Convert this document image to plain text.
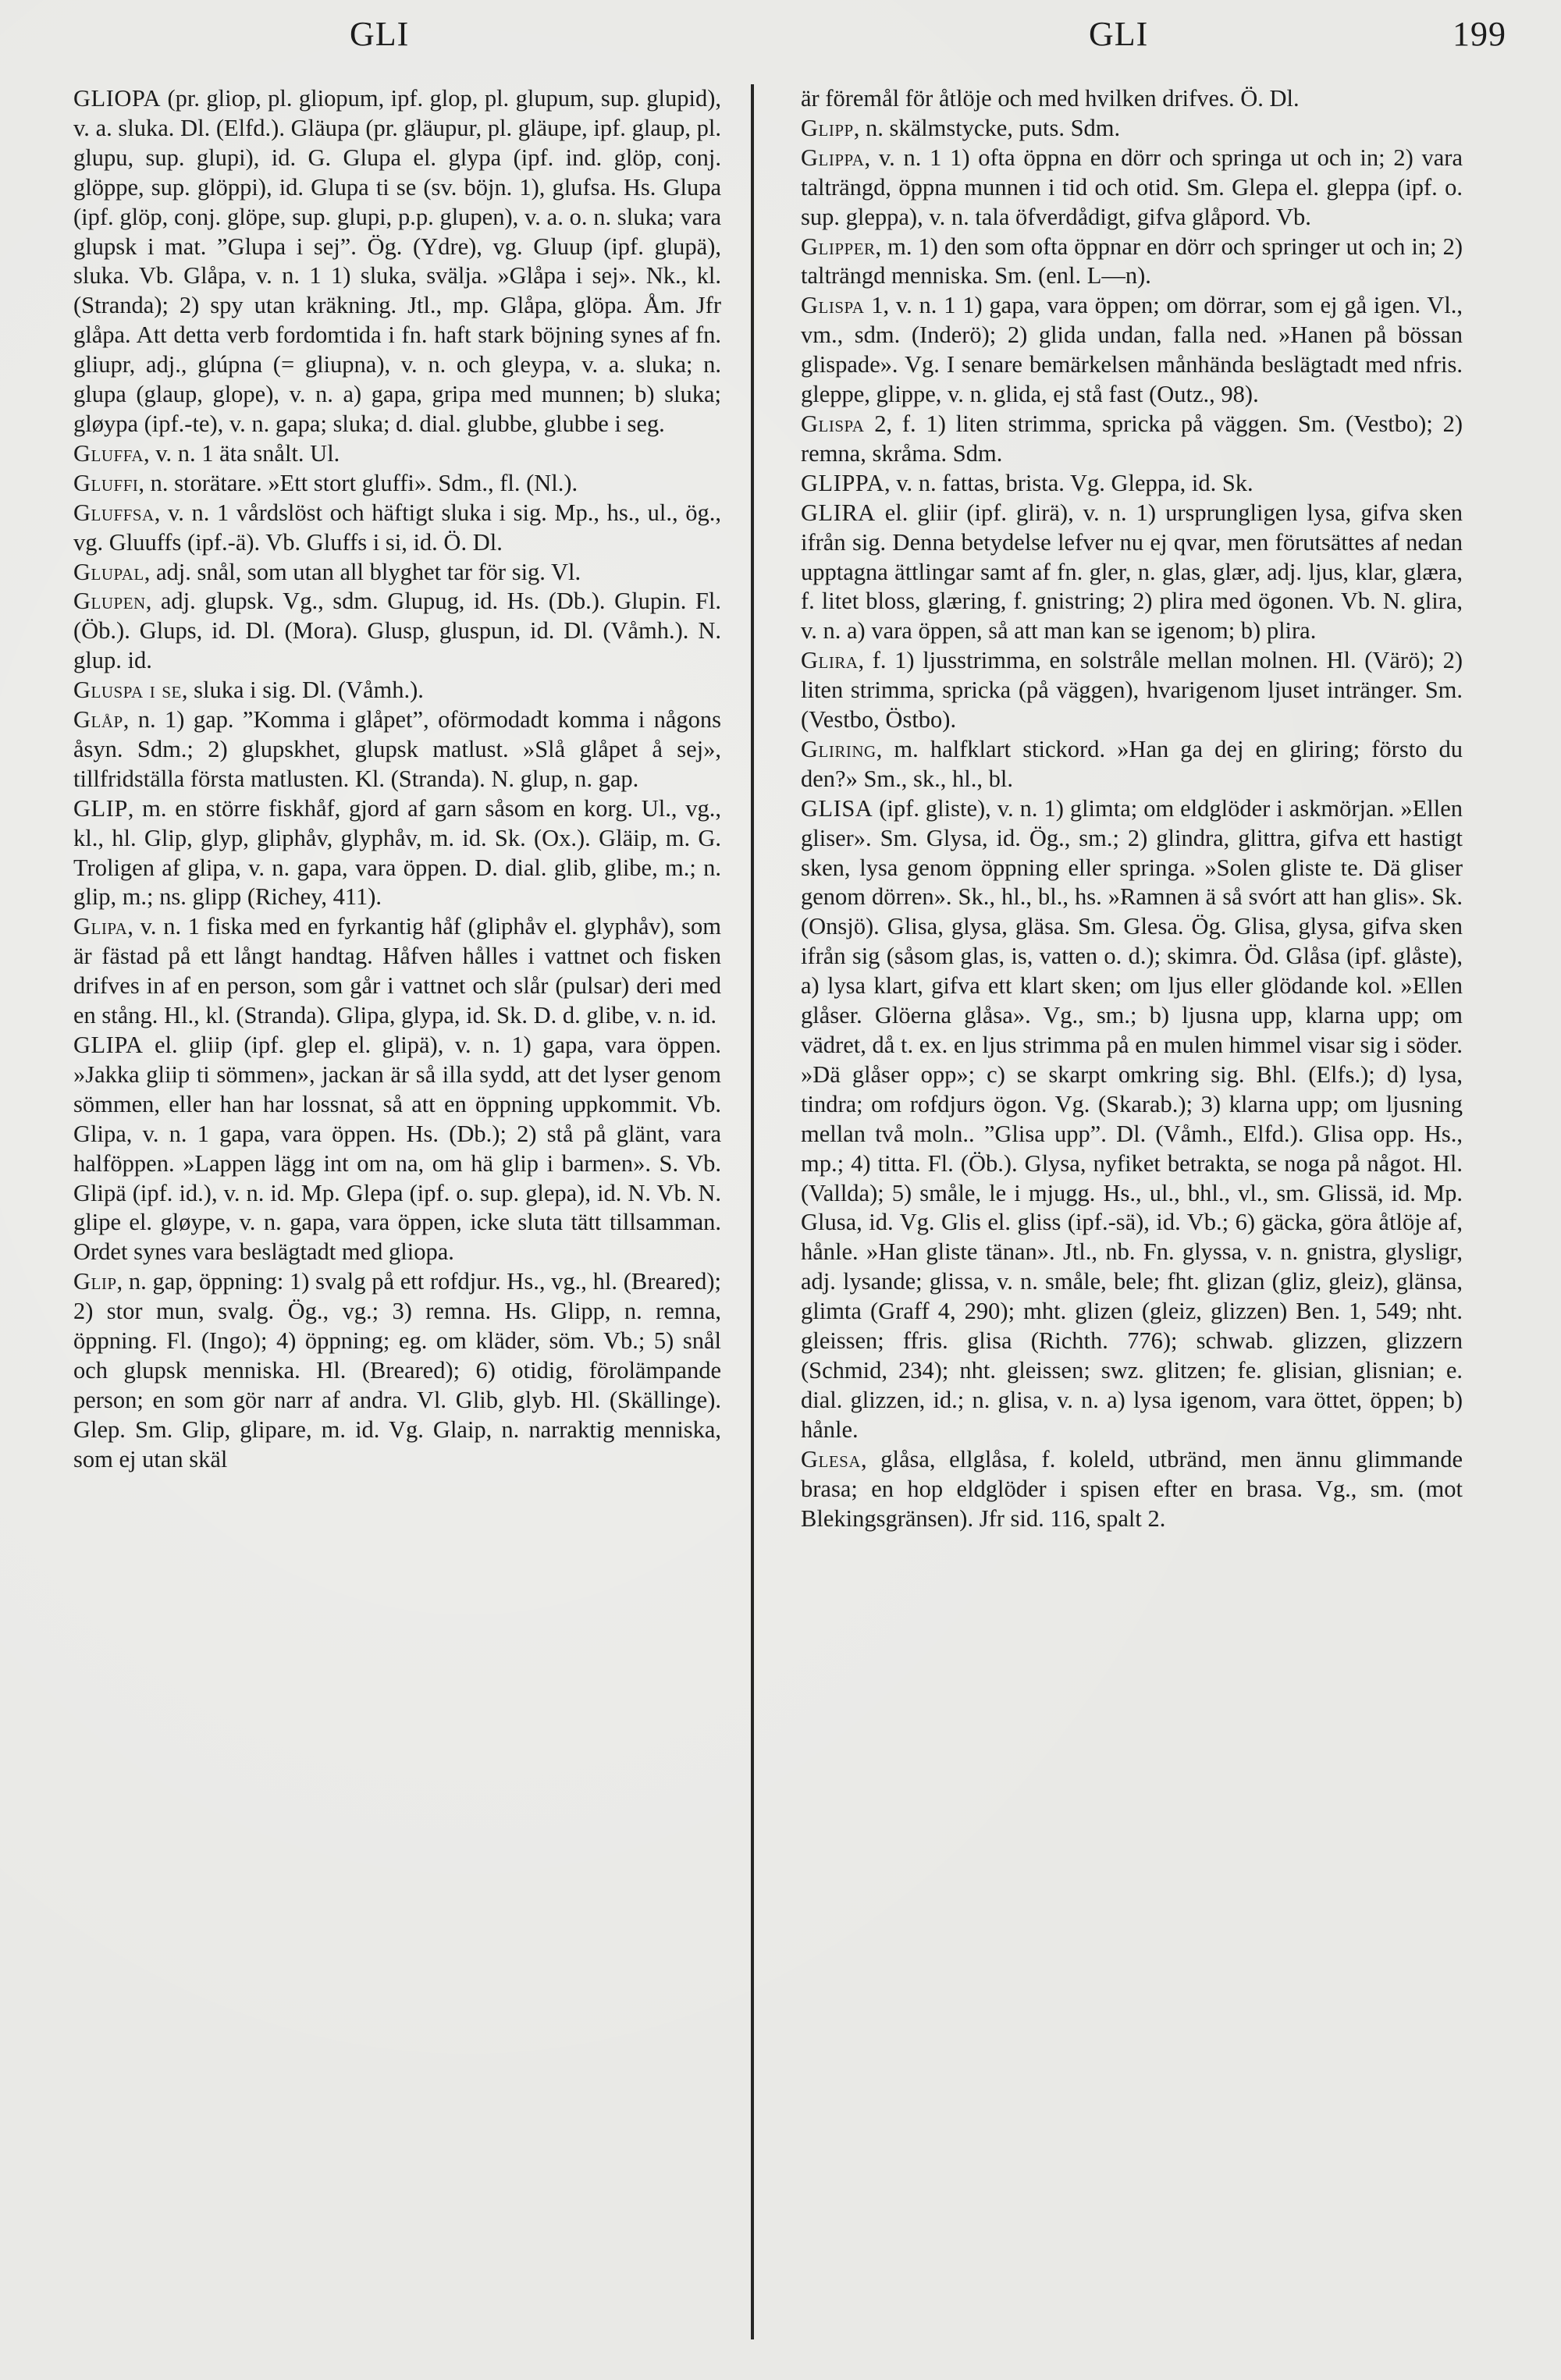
GLI	GLI	199

GLIOPA (pr. gliop, pl. gliopum, ipf. glop, pl. glupum, sup. glupid), v. a. sluka. Dl. (Elfd.). Gläupa (pr. gläupur, pl. gläupe, ipf. glaup, pl. glupu, sup. glupi), id. G. Glupa el. glypa (ipf. ind. glöp, conj. glöppe, sup. glöppi), id. Glupa ti se (sv. böjn. 1), glufsa. Hs. Glupa (ipf. glöp, conj. glöpe, sup. glupi, p.p. glupen), v. a. o. n. sluka; vara glupsk i mat. ”Glupa i sej”. Ög. (Ydre), vg. Gluup (ipf. glupä), sluka. Vb. Glåpa, v. n. 1 1) sluka, svälja. »Glåpa i sej». Nk., kl. (Stranda); 2) spy utan kräkning. Jtl., mp. Glåpa, glöpa. Åm. Jfr glåpa. Att detta verb fordomtida i fn. haft stark böjning synes af fn. gliupr, adj., glúpna (= gliupna), v. n. och gleypa, v. a. sluka; n. glupa (glaup, glope), v. n. a) gapa, gripa med munnen; b) sluka; gløypa (ipf.-te), v. n. gapa; sluka; d. dial. glubbe, glubbe i seg.

Gluffa, v. n. 1 äta snålt. Ul.

Gluffi, n. storätare. »Ett stort gluffi». Sdm., fl. (Nl.).

Gluffsa, v. n. 1 vårdslöst och häftigt sluka i sig. Mp., hs., ul., ög., vg. Gluuffs (ipf.-ä). Vb. Gluffs i si, id. Ö. Dl.

Glupal, adj. snål, som utan all blyghet tar för sig. Vl.

Glupen, adj. glupsk. Vg., sdm. Glupug, id. Hs. (Db.). Glupin. Fl. (Öb.). Glups, id. Dl. (Mora). Glusp, gluspun, id. Dl. (Våmh.). N. glup. id.

Gluspa i se, sluka i sig. Dl. (Våmh.).

Glåp, n. 1) gap. ”Komma i glåpet”, oförmodadt komma i någons åsyn. Sdm.; 2) glupskhet, glupsk matlust. »Slå glåpet å sej», tillfridställa första matlusten. Kl. (Stranda). N. glup, n. gap.

GLIP, m. en större fiskhåf, gjord af garn såsom en korg. Ul., vg., kl., hl. Glip, glyp, gliphåv, glyphåv, m. id. Sk. (Ox.). Gläip, m. G. Troligen af glipa, v. n. gapa, vara öppen. D. dial. glib, glibe, m.; n. glip, m.; ns. glipp (Richey, 411).

Glipa, v. n. 1 fiska med en fyrkantig håf (gliphåv el. glyphåv), som är fästad på ett långt handtag. Håfven hålles i vattnet och fisken drifves in af en person, som går i vattnet och slår (pulsar) deri med en stång. Hl., kl. (Stranda). Glipa, glypa, id. Sk. D. d. glibe, v. n. id.

GLIPA el. gliip (ipf. glep el. glipä), v. n. 1) gapa, vara öppen. »Jakka gliip ti sömmen», jackan är så illa sydd, att det lyser genom sömmen, eller han har lossnat, så att en öppning uppkommit. Vb. Glipa, v. n. 1 gapa, vara öppen. Hs. (Db.); 2) stå på glänt, vara halföppen. »Lappen lägg int om na, om hä glip i barmen». S. Vb. Glipä (ipf. id.), v. n. id. Mp. Glepa (ipf. o. sup. glepa), id. N. Vb. N. glipe el. gløype, v. n. gapa, vara öppen, icke sluta tätt tillsamman. Ordet synes vara beslägtadt med gliopa.

Glip, n. gap, öppning: 1) svalg på ett rofdjur. Hs., vg., hl. (Breared); 2) stor mun, svalg. Ög., vg.; 3) remna. Hs. Glipp, n. remna, öppning. Fl. (Ingo); 4) öppning; eg. om kläder, söm. Vb.; 5) snål och glupsk menniska. Hl. (Breared); 6) otidig, förolämpande person; en som gör narr af andra. Vl. Glib, glyb. Hl. (Skällinge). Glep. Sm. Glip, glipare, m. id. Vg. Glaip, n. narraktig menniska, som ej utan skäl

är föremål för åtlöje och med hvilken drifves. Ö. Dl.

Glipp, n. skälmstycke, puts. Sdm.

Glippa, v. n. 1 1) ofta öppna en dörr och springa ut och in; 2) vara talträngd, öppna munnen i tid och otid. Sm. Glepa el. gleppa (ipf. o. sup. gleppa), v. n. tala öfverdådigt, gifva glåpord. Vb.

Glipper, m. 1) den som ofta öppnar en dörr och springer ut och in; 2) talträngd menniska. Sm. (enl. L—n).

Glispa 1, v. n. 1 1) gapa, vara öppen; om dörrar, som ej gå igen. Vl., vm., sdm. (Inderö); 2) glida undan, falla ned. »Hanen på bössan glispade». Vg. I senare bemärkelsen månhända beslägtadt med nfris. gleppe, glippe, v. n. glida, ej stå fast (Outz., 98).

Glispa 2, f. 1) liten strimma, spricka på väggen. Sm. (Vestbo); 2) remna, skråma. Sdm.

GLIPPA, v. n. fattas, brista. Vg. Gleppa, id. Sk.

GLIRA el. gliir (ipf. glirä), v. n. 1) ursprungligen lysa, gifva sken ifrån sig. Denna betydelse lefver nu ej qvar, men förutsättes af nedan upptagna ättlingar samt af fn. gler, n. glas, glær, adj. ljus, klar, glæra, f. litet bloss, glæring, f. gnistring; 2) plira med ögonen. Vb. N. glira, v. n. a) vara öppen, så att man kan se igenom; b) plira.

Glira, f. 1) ljusstrimma, en solstråle mellan molnen. Hl. (Värö); 2) liten strimma, spricka (på väggen), hvarigenom ljuset intränger. Sm. (Vestbo, Östbo).

Gliring, m. halfklart stickord. »Han ga dej en gliring; försto du den?» Sm., sk., hl., bl.

GLISA (ipf. gliste), v. n. 1) glimta; om eldglöder i askmörjan. »Ellen gliser». Sm. Glysa, id. Ög., sm.; 2) glindra, glittra, gifva ett hastigt sken, lysa genom öppning eller springa. »Solen gliste te. Dä gliser genom dörren». Sk., hl., bl., hs. »Ramnen ä så svórt att han glis». Sk. (Onsjö). Glisa, glysa, gläsa. Sm. Glesa. Ög. Glisa, glysa, gifva sken ifrån sig (såsom glas, is, vatten o. d.); skimra. Öd. Glåsa (ipf. glåste), a) lysa klart, gifva ett klart sken; om ljus eller glödande kol. »Ellen glåser. Glöerna glåsa». Vg., sm.; b) ljusna upp, klarna upp; om vädret, då t. ex. en ljus strimma på en mulen himmel visar sig i söder. »Dä glåser opp»; c) se skarpt omkring sig. Bhl. (Elfs.); d) lysa, tindra; om rofdjurs ögon. Vg. (Skarab.); 3) klarna upp; om ljusning mellan två moln.. ”Glisa upp”. Dl. (Våmh., Elfd.). Glisa opp. Hs., mp.; 4) titta. Fl. (Öb.). Glysa, nyfiket betrakta, se noga på något. Hl. (Vallda); 5) småle, le i mjugg. Hs., ul., bhl., vl., sm. Glissä, id. Mp. Glusa, id. Vg. Glis el. gliss (ipf.-sä), id. Vb.; 6) gäcka, göra åtlöje af, hånle. »Han gliste tänan». Jtl., nb. Fn. glyssa, v. n. gnistra, glysligr, adj. lysande; glissa, v. n. småle, bele; fht. glizan (gliz, gleiz), glänsa, glimta (Graff 4, 290); mht. glizen (gleiz, glizzen) Ben. 1, 549; nht. gleissen; ffris. glisa (Richth. 776); schwab. glizzen, glizzern (Schmid, 234); nht. gleissen; swz. glitzen; fe. glisian, glisnian; e. dial. glizzen, id.; n. glisa, v. n. a) lysa igenom, vara öttet, öppen; b) hånle.

Glesa, glåsa, ellglåsa, f. koleld, utbränd, men ännu glimmande brasa; en hop eldglöder i spisen efter en brasa. Vg., sm. (mot Blekingsgränsen). Jfr sid. 116, spalt 2.
